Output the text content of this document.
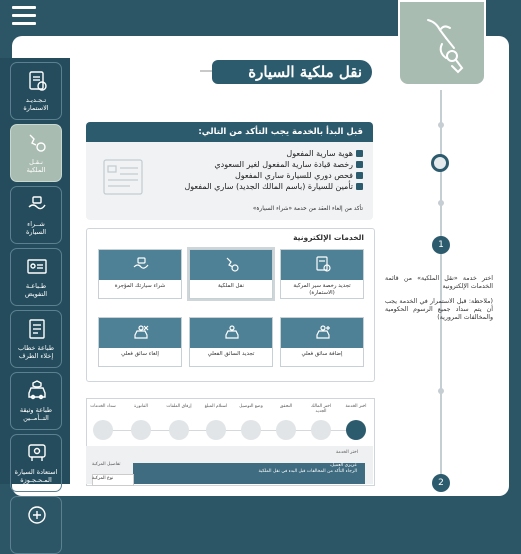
تـجـديـد
الاستمارة
نـقـل
الملكية
شــراء
السيارة
طـباعـة
التفويض
طباعة خطاب
إخلاء الطرف
طباعة وثيقة
التــأمــين
استعادة السيارة
المـحـجـوزة
نقل ملكية السيارة
قبل البدأ بالخدمة يجب التأكد من التالي:
هوية سارية المفعول
رخصة قيادة سارية المفعول لغير السعودي
فحص دوري للسيارة ساري المفعول
تأمين للسيارة (باسم المالك الجديد) ساري المفعول
تأكد من إلغاء العقد من خدمة «شراء السيارة»
الخدمات الإلكترونية
تجديد رخصة سير المركبة
(الاستمارة)
نقل الملكية
شراء سيارتك المؤجرة
إضافة سائق فعلي
تجديد السائق الفعلي
إلغاء سائق فعلي
اختر الخدمة
اختر المالك الجديد
التحقق
وضع التوصيل
استلام المبلغ
إرفاق الملفات
الفاتورة
سداد الخدمات
اختر الخدمة
تفاصيل المركبة	عزيزي العميل،
الرجاء التأكد من المخالفات قبل البدء في نقل الملكية
نوع المركبة
1
2

اختر خدمة «نقل الملكية» من قائمة الخدمات الإلكترونية

(ملاحظة: قبل الاستمرار في الخدمة يجب أن يتم سداد جميع الرسوم الحكومية والمخالفات المرورية)
